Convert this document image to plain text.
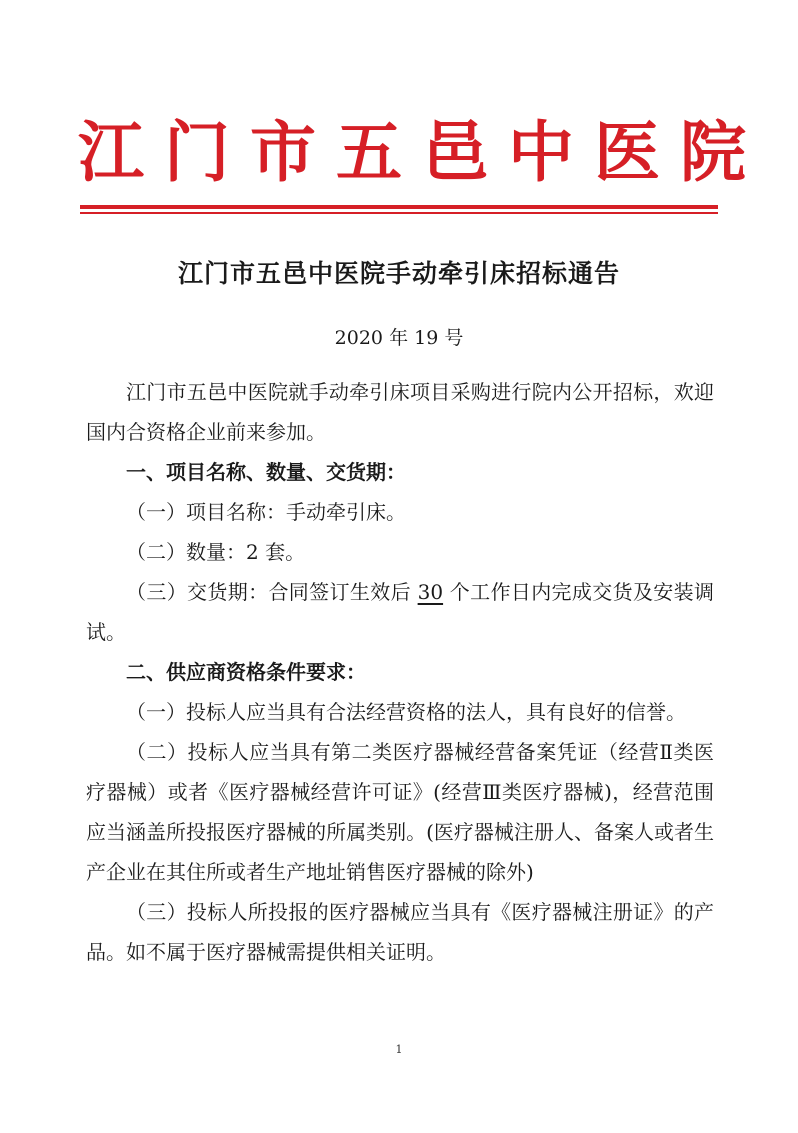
江门市五邑中医院
江门市五邑中医院手动牵引床招标通告
2020 年 19 号

江门市五邑中医院就手动牵引床项目采购进行院内公开招标，欢迎国内合资格企业前来参加。

一、项目名称、数量、交货期：

（一）项目名称：手动牵引床。

（二）数量：2 套。

（三）交货期：合同签订生效后 30 个工作日内完成交货及安装调试。

二、供应商资格条件要求：

（一）投标人应当具有合法经营资格的法人，具有良好的信誉。

（二）投标人应当具有第二类医疗器械经营备案凭证（经营Ⅱ类医疗器械）或者《医疗器械经营许可证》(经营Ⅲ类医疗器械)，经营范围应当涵盖所投报医疗器械的所属类别。(医疗器械注册人、备案人或者生产企业在其住所或者生产地址销售医疗器械的除外)

（三）投标人所投报的医疗器械应当具有《医疗器械注册证》的产品。如不属于医疗器械需提供相关证明。

1
